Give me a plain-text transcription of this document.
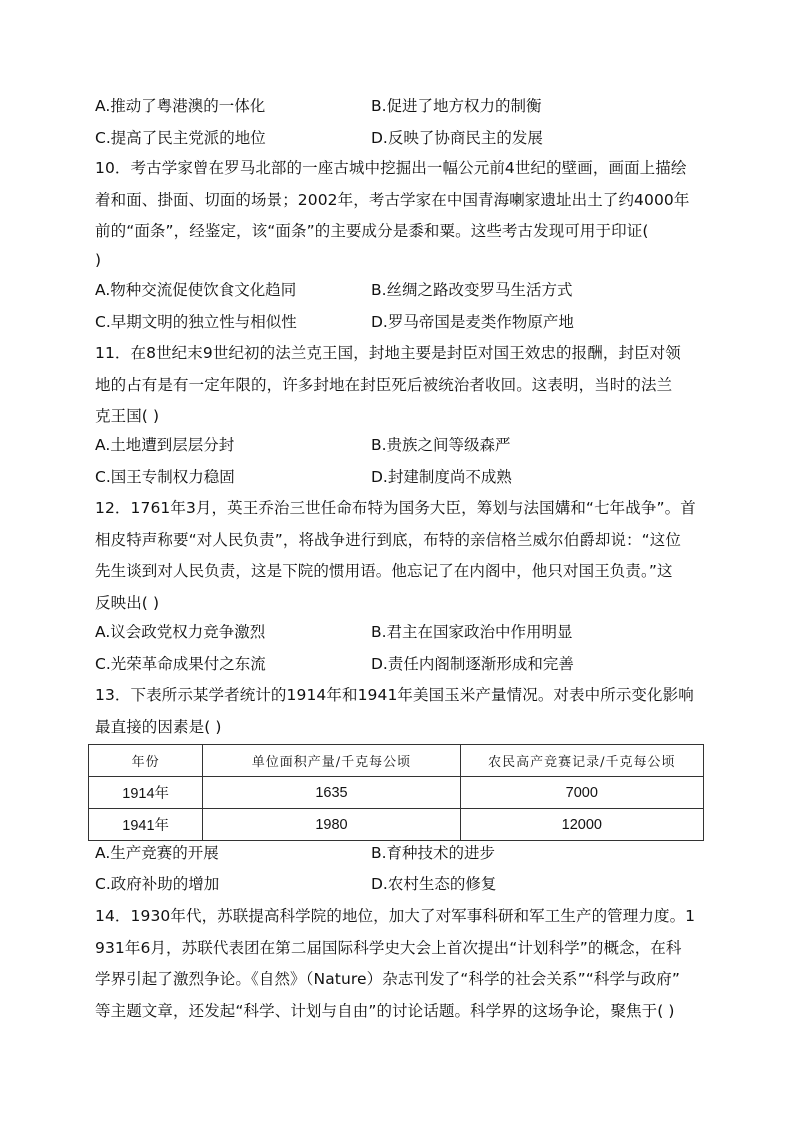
A.推动了粤港澳的一体化	B.促进了地方权力的制衡
C.提高了民主党派的地位	D.反映了协商民主的发展
10．考古学家曾在罗马北部的一座古城中挖掘出一幅公元前4世纪的壁画，画面上描绘
着和面、掛面、切面的场景；2002年，考古学家在中国青海喇家遗址出土了约4000年
前的“面条”，经鉴定，该“面条”的主要成分是黍和粟。这些考古发现可用于印证(
)
A.物种交流促使饮食文化趋同	B.丝绸之路改变罗马生活方式
C.早期文明的独立性与相似性	D.罗马帝国是麦类作物原产地
11．在8世纪末9世纪初的法兰克王国，封地主要是封臣对国王效忠的报酬，封臣对领
地的占有是有一定年限的，许多封地在封臣死后被统治者收回。这表明，当时的法兰
克王国( )
A.土地遭到层层分封	B.贵族之间等级森严
C.国王专制权力稳固	D.封建制度尚不成熟
12．1761年3月，英王乔治三世任命布特为国务大臣，筹划与法国媾和“七年战争”。首
相皮特声称要“对人民负责”，将战争进行到底，布特的亲信格兰威尔伯爵却说：“这位
先生谈到对人民负责，这是下院的惯用语。他忘记了在内阁中，他只对国王负责。”这
反映出( )
A.议会政党权力竞争激烈	B.君主在国家政治中作用明显
C.光荣革命成果付之东流	D.责任内阁制逐渐形成和完善
13．下表所示某学者统计的1914年和1941年美国玉米产量情况。对表中所示变化影响
最直接的因素是( )
年份	单位面积产量/千克每公顷	农民高产竞赛记录/千克每公顷
1914年	1635	7000
1941年	1980	12000
A.生产竞赛的开展	B.育种技术的进步
C.政府补助的增加	D.农村生态的修复
14．1930年代，苏联提高科学院的地位，加大了对军事科研和军工生产的管理力度。1
931年6月，苏联代表团在第二届国际科学史大会上首次提出“计划科学”的概念，在科
学界引起了激烈争论。《自然》（Nature）杂志刊发了“科学的社会关系”“科学与政府”
等主题文章，还发起“科学、计划与自由”的讨论话题。科学界的这场争论，聚焦于( )
